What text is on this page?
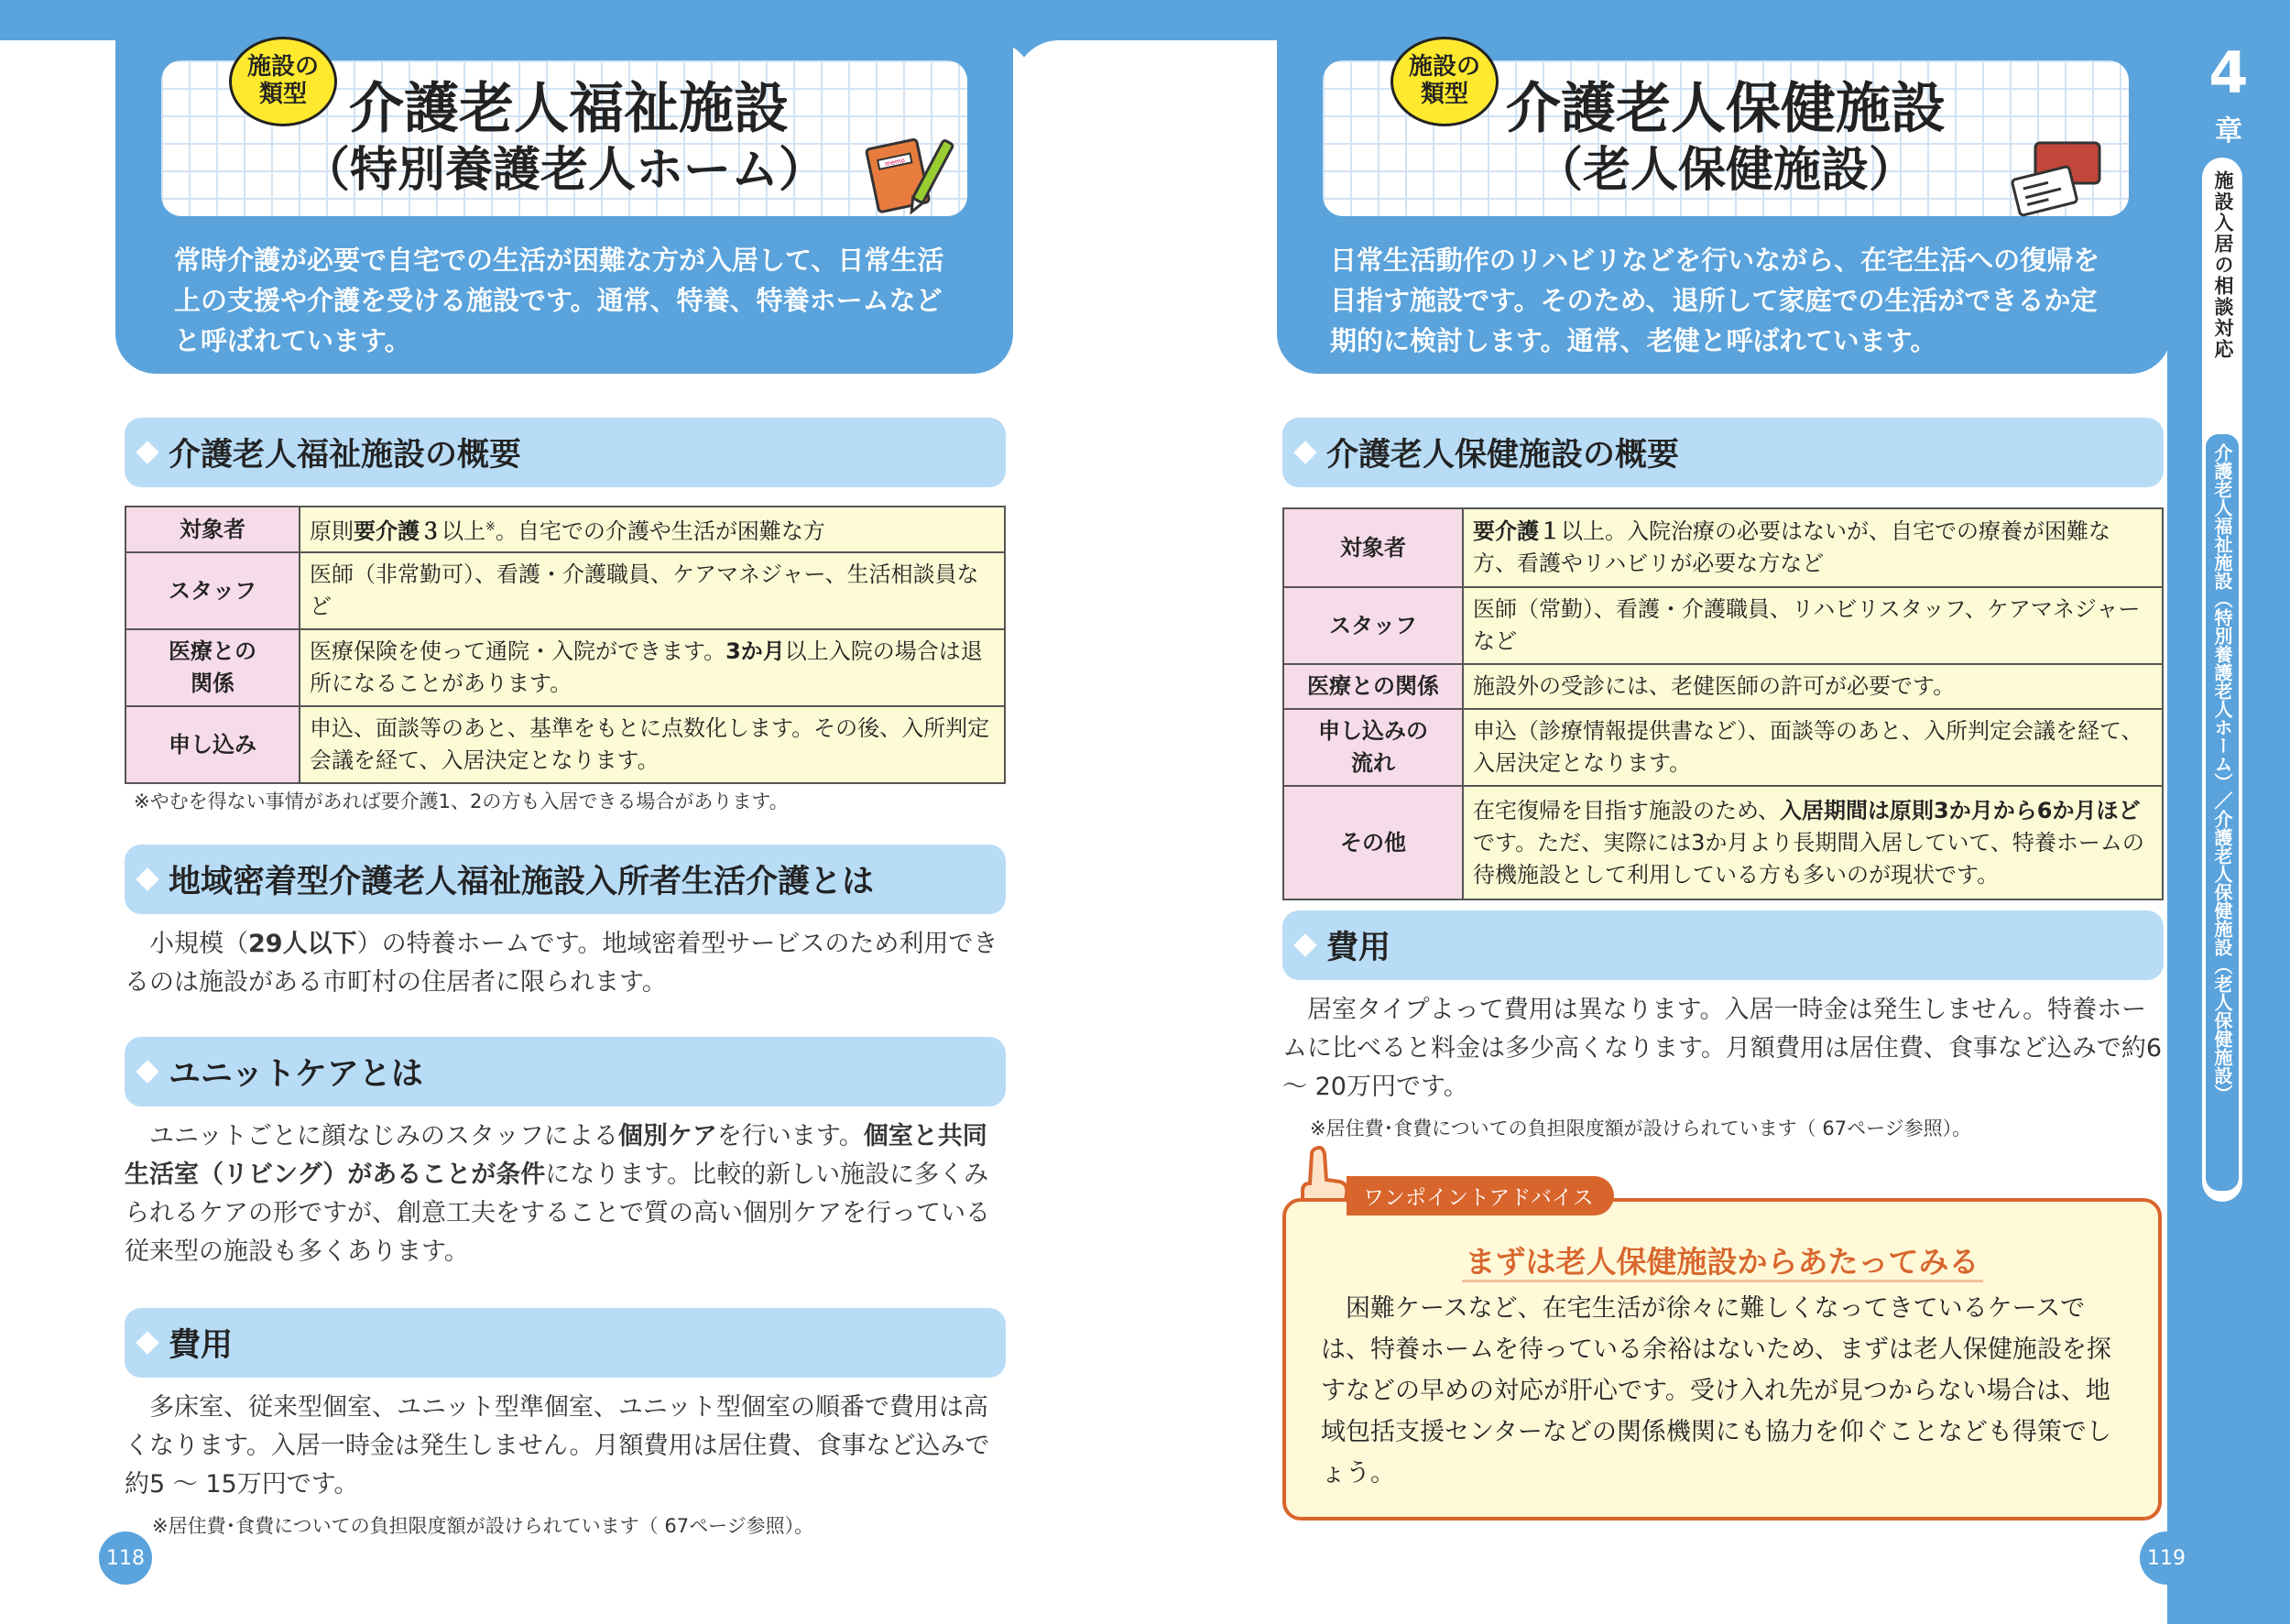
介護老人福祉施設
（特別養護老人ホーム）
施設の
類型
memo
常時介護が必要で自宅での生活が困難な方が入居して、日常生活
上の支援や介護を受ける施設です。通常、特養、特養ホームなど
と呼ばれています。
介護老人福祉施設の概要
対象者	原則要介護３以上※。自宅での介護や生活が困難な方

スタッフ	医師（非常勤可）、看護・介護職員、ケアマネジャー、生活相談員など

医療との
関係	医療保険を使って通院・入院ができます。3か月以上入院の場合は退所になることがあります。

申し込み	申込、面談等のあと、基準をもとに点数化します。その後、入所判定会議を経て、入居決定となります。

※やむを得ない事情があれば要介護1、2の方も入居できる場合があります。

地域密着型介護老人福祉施設入所者生活介護とは

小規模（29人以下）の特養ホームです。地域密着型サービスのため利用できるのは施設がある市町村の住居者に限られます。

ユニットケアとは

ユニットごとに顔なじみのスタッフによる個別ケアを行います。個室と共同生活室（リビング）があることが条件になります。比較的新しい施設に多くみられるケアの形ですが、創意工夫をすることで質の高い個別ケアを行っている従来型の施設も多くあります。

費用

多床室、従来型個室、ユニット型準個室、ユニット型個室の順番で費用は高くなります。入居一時金は発生しません。月額費用は居住費、食事など込みで約5 ～ 15万円です。

※居住費･食費についての負担限度額が設けられています（ 67ページ参照）。

118
介護老人保健施設
（老人保健施設）
施設の
類型
日常生活動作のリハビリなどを行いながら、在宅生活への復帰を
目指す施設です。そのため、退所して家庭での生活ができるか定
期的に検討します。通常、老健と呼ばれています。
介護老人保健施設の概要
対象者	要介護１以上。入院治療の必要はないが、自宅での療養が困難な方、看護やリハビリが必要な方など

スタッフ	医師（常勤）、看護・介護職員、リハビリスタッフ、ケアマネジャーなど

医療との関係	施設外の受診には、老健医師の許可が必要です。

申し込みの
流れ	申込（診療情報提供書など）、面談等のあと、入所判定会議を経て、入居決定となります。

その他	在宅復帰を目指す施設のため、入居期間は原則3か月から6か月ほどです。ただ、実際には3か月より長期間入居していて、特養ホームの待機施設として利用している方も多いのが現状です。
費用

居室タイプよって費用は異なります。入居一時金は発生しません。特養ホームに比べると料金は多少高くなります。月額費用は居住費、食事など込みで約6 ～ 20万円です。

※居住費･食費についての負担限度額が設けられています（ 67ページ参照）。

119
ワンポイントアドバイス
まずは老人保健施設からあたってみる

困難ケースなど、在宅生活が徐々に難しくなってきているケースでは、特養ホームを待っている余裕はないため、まずは老人保健施設を探すなどの早めの対応が肝心です。受け入れ先が見つからない場合は、地域包括支援センターなどの関係機関にも協力を仰ぐことなども得策でしょう。

4
章
施設入居の相談対応
介護老人福祉施設（特別養護老人ホーム）／介護老人保健施設（老人保健施設）
